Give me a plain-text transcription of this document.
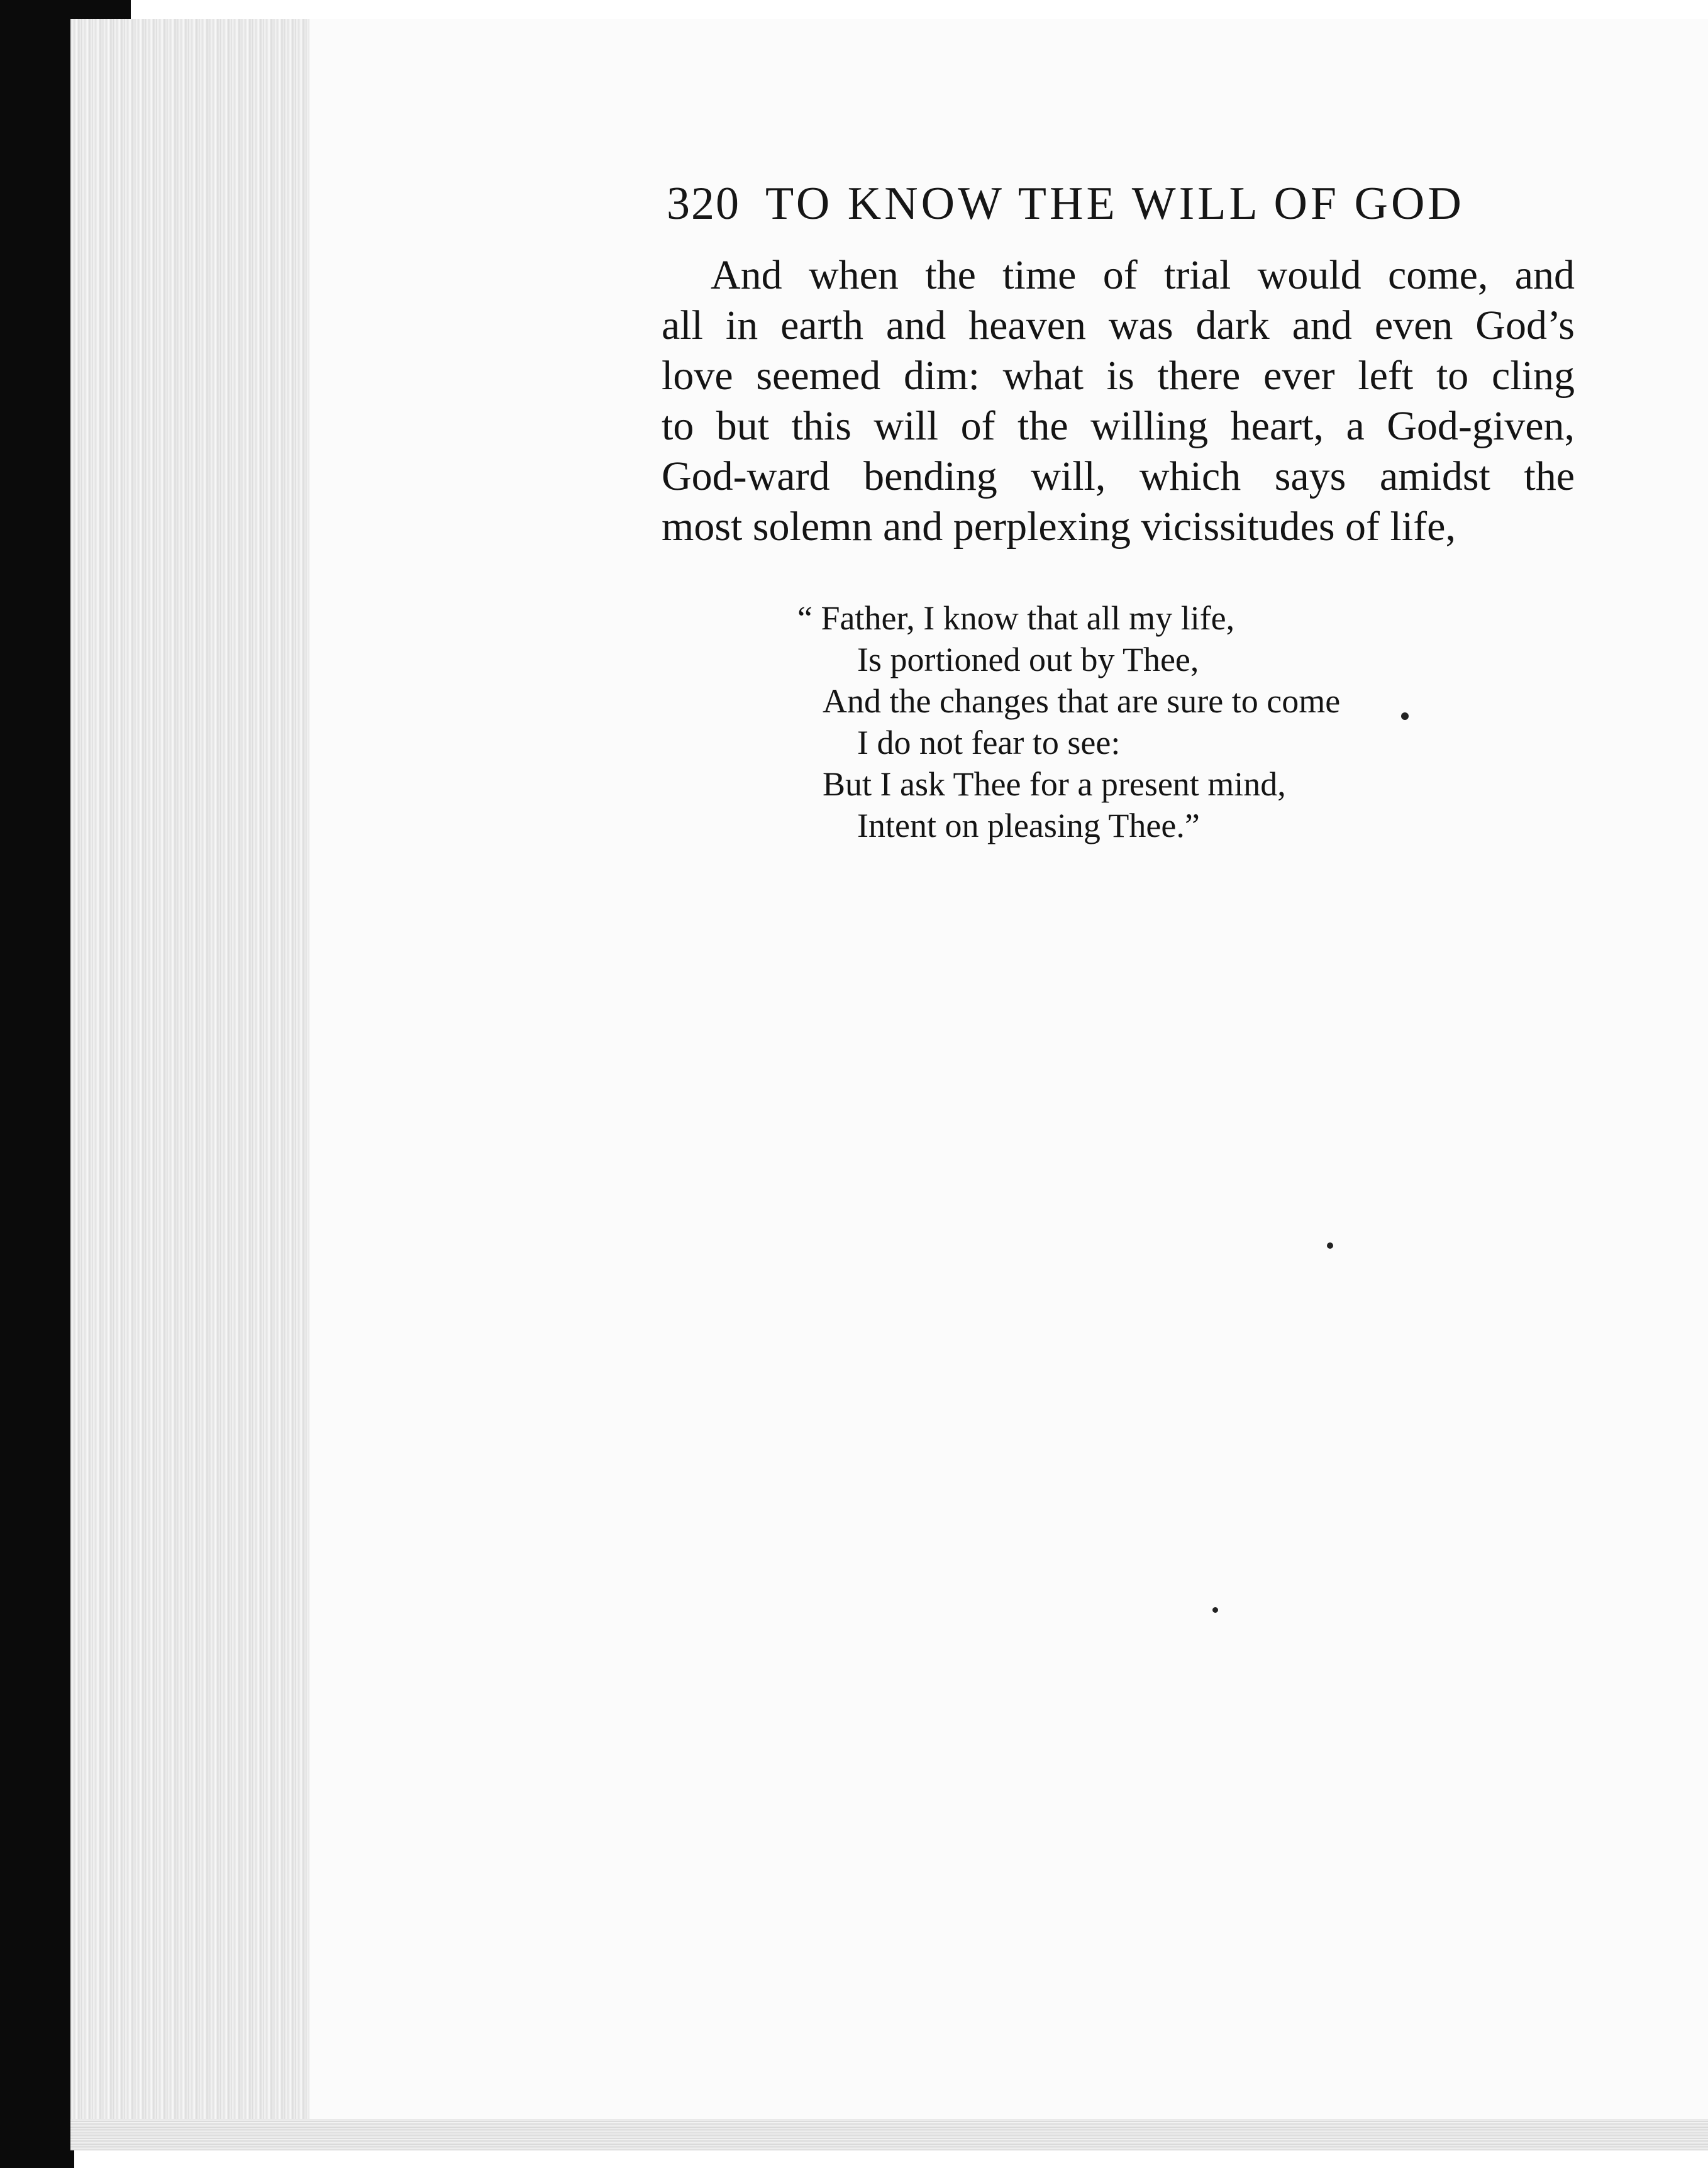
320 TO KNOW THE WILL OF GOD
And when the time of trial would come, and
all in earth and heaven was dark and even God’s
love seemed dim: what is there ever left to cling
to but this will of the willing heart, a God-given,
God-ward bending will, which says amidst the
most solemn and perplexing vicissitudes of life,
“ Father, I know that all my life,
Is portioned out by Thee,
And the changes that are sure to come
I do not fear to see:
But I ask Thee for a present mind,
Intent on pleasing Thee.”
